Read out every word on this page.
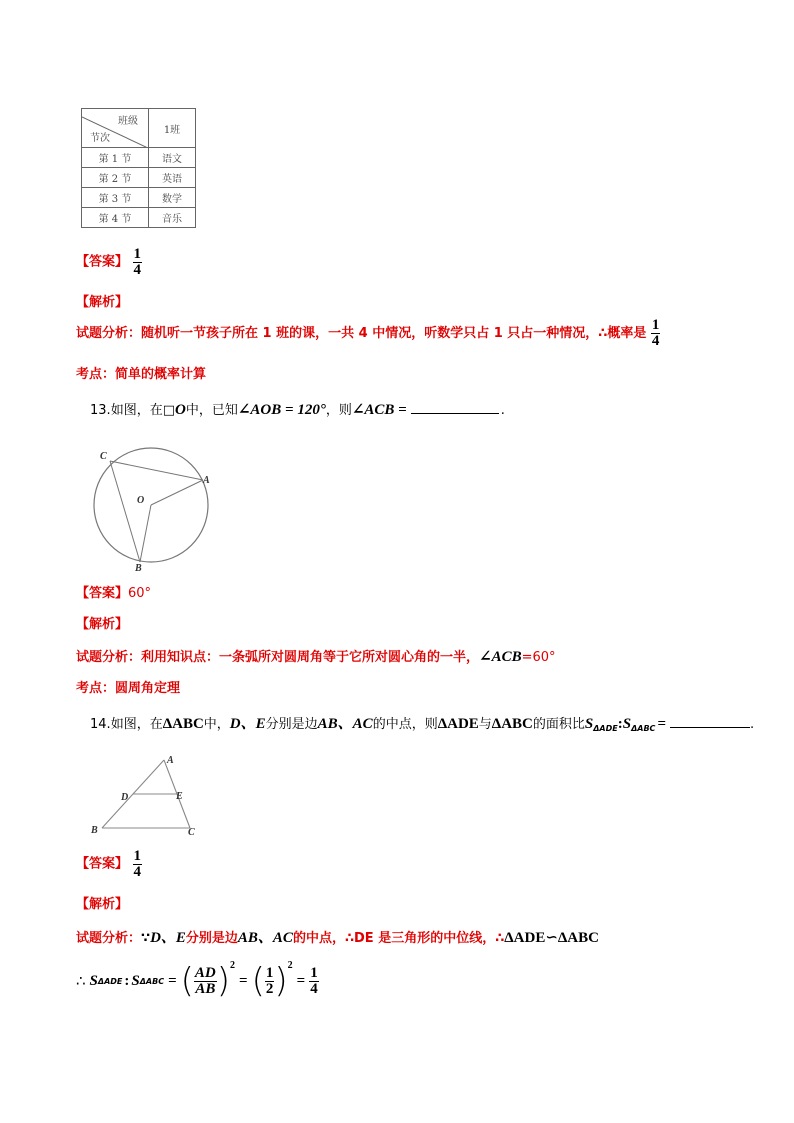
班级
节次	1班
第 1 节	语文
第 2 节	英语
第 3 节	数学
第 4 节	音乐
【答案】 $\frac{1}{4}$
【解析】
试题分析：随机听一节孩子所在 1 班的课，一共 4 中情况，听数学只占 1 只占一种情况，∴概率是 $\frac{1}{4}$
考点：简单的概率计算
13.如图，在□O中，已知∠AOB = 120°，则∠ACB =	.
C
A
O
B
【答案】60°
【解析】
试题分析：利用知识点：一条弧所对圆周角等于它所对圆心角的一半，∠ACB=60°
考点：圆周角定理
14.如图，在ΔABC中，D、E分别是边AB、AC的中点，则ΔADE与ΔABC的面积比$S_{\Delta ADE}:S_{\Delta ABC}$ =	.
A
D	E
B	C
【答案】 $\frac{1}{4}$
【解析】
试题分析：∵D、E分别是边AB、AC的中点，∴DE 是三角形的中位线，∴ΔADE∽ΔABC
∴ S ΔADE : S ΔABC = ( $\frac{AD}{AB}$ ) 2
= ( $\frac{1}{2}$ ) 2
= $\frac{1}{4}$
